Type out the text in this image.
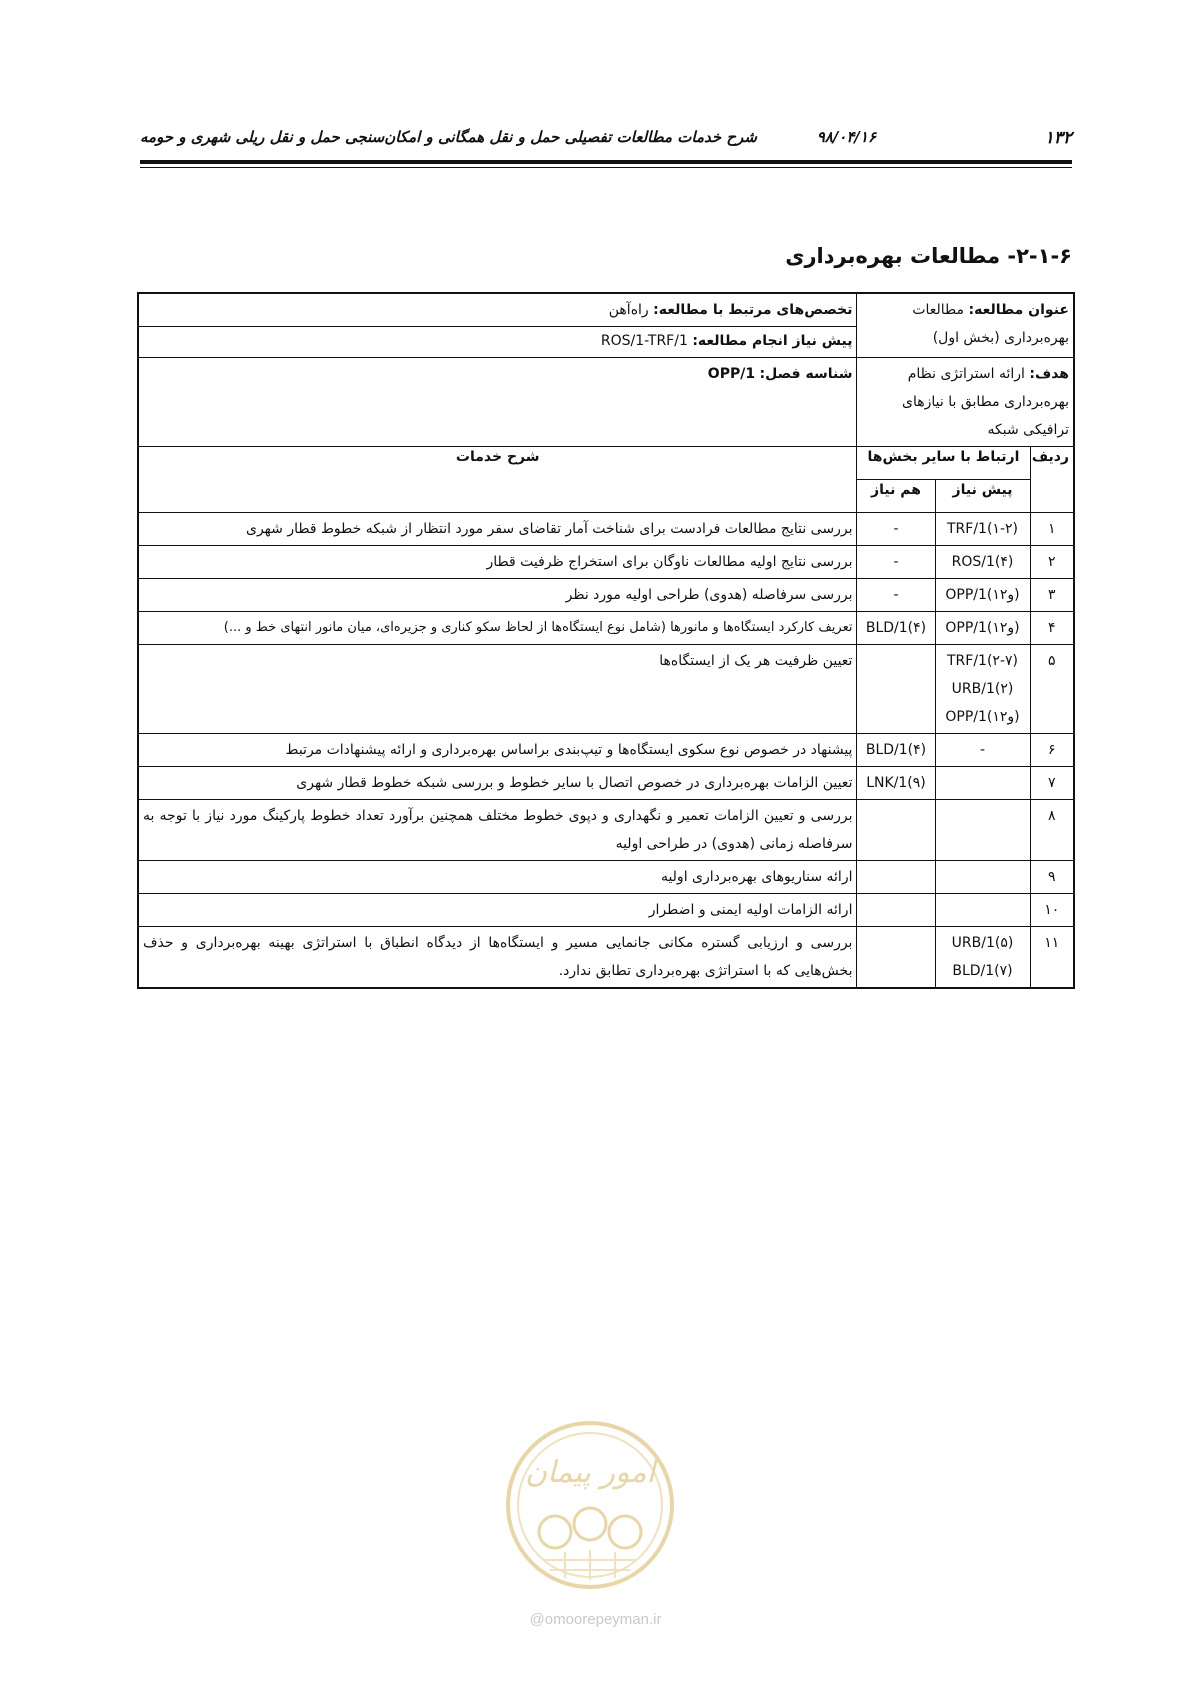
۱۳۲
۹۸/۰۴/۱۶
شرح خدمات مطالعات تفصیلی حمل و نقل همگانی و امکان‌سنجی حمل و نقل ریلی شهری و حومه
۲-۱-۶- مطالعات بهره‌برداری
عنوان مطالعه: مطالعات بهره‌برداری (بخش اول)			تخصص‌های مرتبط با مطالعه: راه‌آهن
پیش نیاز انجام مطالعه: ROS/1-TRF/1
هدف: ارائه استراتژی نظام بهره‌برداری مطابق با نیازهای ترافیکی شبکه			شناسه فصل: OPP/1
ردیف	ارتباط با سایر بخش‌ها		شرح خدمات
	پیش نیاز	هم نیاز	
۱	TRF/1(۱-۲)	-	بررسی نتایج مطالعات فرادست برای شناخت آمار تقاضای سفر مورد انتظار از شبکه خطوط قطار شهری
۲	ROS/1(۴)	-	بررسی نتایج اولیه مطالعات ناوگان برای استخراج ظرفیت قطار
۳	OPP/1(۱و۲)	-	بررسی سرفاصله (هدوی) طراحی اولیه مورد نظر
۴	OPP/1(۱و۲)	BLD/1(۴)	تعریف کارکرد ایستگاه‌ها و مانورها (شامل نوع ایستگاه‌ها از لحاظ سکو کناری و جزیره‌ای، میان مانور انتهای خط و ...)
۵	TRF/1(۲-۷)
URB/1(۲)
OPP/1(۱و۲)		تعیین ظرفیت هر یک از ایستگاه‌ها
۶	-	BLD/1(۴)	پیشنهاد در خصوص نوع سکوی ایستگاه‌ها و تیپ‌بندی براساس بهره‌برداری و ارائه پیشنهادات مرتبط
۷		LNK/1(۹)	تعیین الزامات بهره‌برداری در خصوص اتصال با سایر خطوط و بررسی شبکه خطوط قطار شهری
۸			بررسی و تعیین الزامات تعمیر و نگهداری و دپوی خطوط مختلف همچنین برآورد تعداد خطوط پارکینگ مورد نیاز با توجه به سرفاصله زمانی (هدوی) در طراحی اولیه
۹			ارائه سناریوهای بهره‌برداری اولیه
۱۰			ارائه الزامات اولیه ایمنی و اضطرار
۱۱	URB/1(۵)
BLD/1(۷)		بررسی و ارزیابی گستره مکانی جانمایی مسیر و ایستگاه‌ها از دیدگاه انطباق با استراتژی بهینه بهره‌برداری و حذف بخش‌هایی که با استراتژی بهره‌برداری تطابق ندارد.
امور پیمان
@omoorepeyman.ir
